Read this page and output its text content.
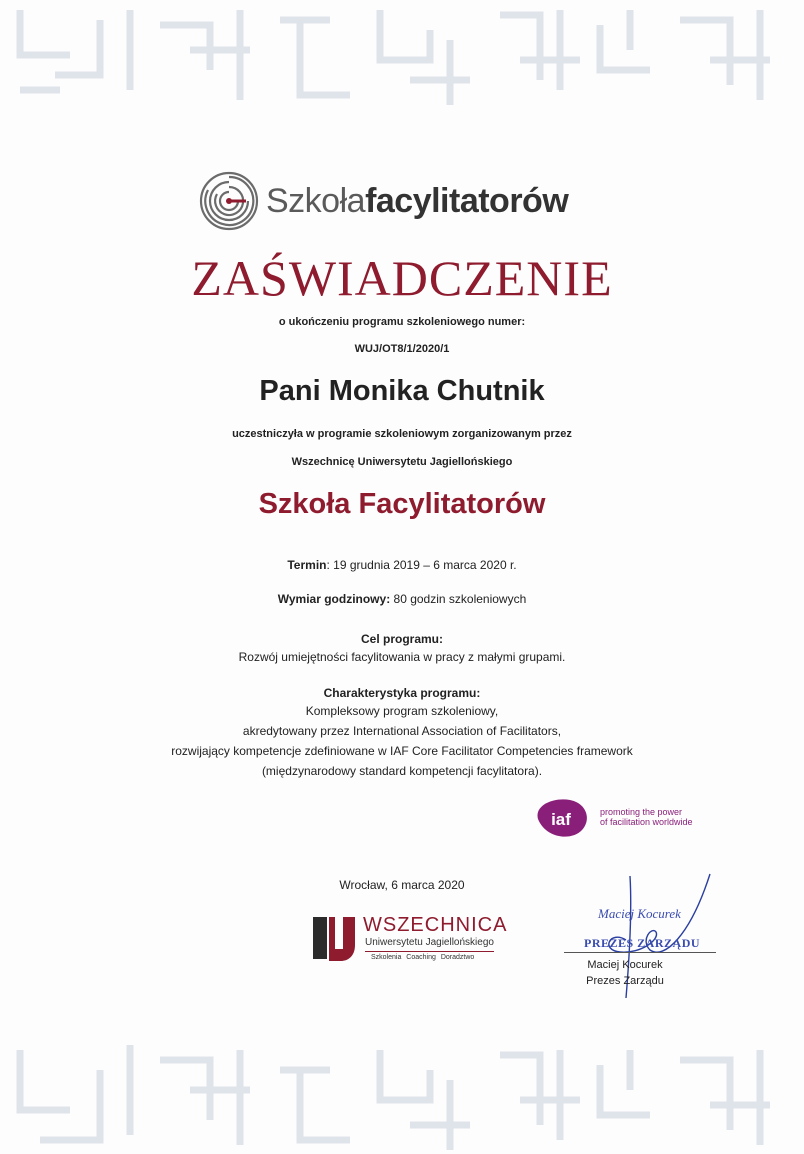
Szkołafacylitatorów
ZAŚWIADCZENIE
o ukończeniu programu szkoleniowego numer:
WUJ/OT8/1/2020/1
Pani Monika Chutnik
uczestniczyła w programie szkoleniowym zorganizowanym przez
Wszechnicę Uniwersytetu Jagiellońskiego
Szkoła Facylitatorów
Termin: 19 grudnia 2019 – 6 marca 2020 r.
Wymiar godzinowy: 80 godzin szkoleniowych
Cel programu:
Rozwój umiejętności facylitowania w pracy z małymi grupami.
Charakterystyka programu:
Kompleksowy program szkoleniowy,
akredytowany przez International Association of Facilitators,
rozwijający kompetencje zdefiniowane w IAF Core Facilitator Competencies framework
(międzynarodowy standard kompetencji facylitatora).
iaf	promoting the power
of facilitation worldwide
Wrocław, 6 marca 2020
WSZECHNICA
Uniwersytetu Jagiellońskiego
Szkolenia Coaching Doradztwo
Maciej Kocurek
PREZES ZARZĄDU
Maciej Kocurek
Prezes Zarządu
